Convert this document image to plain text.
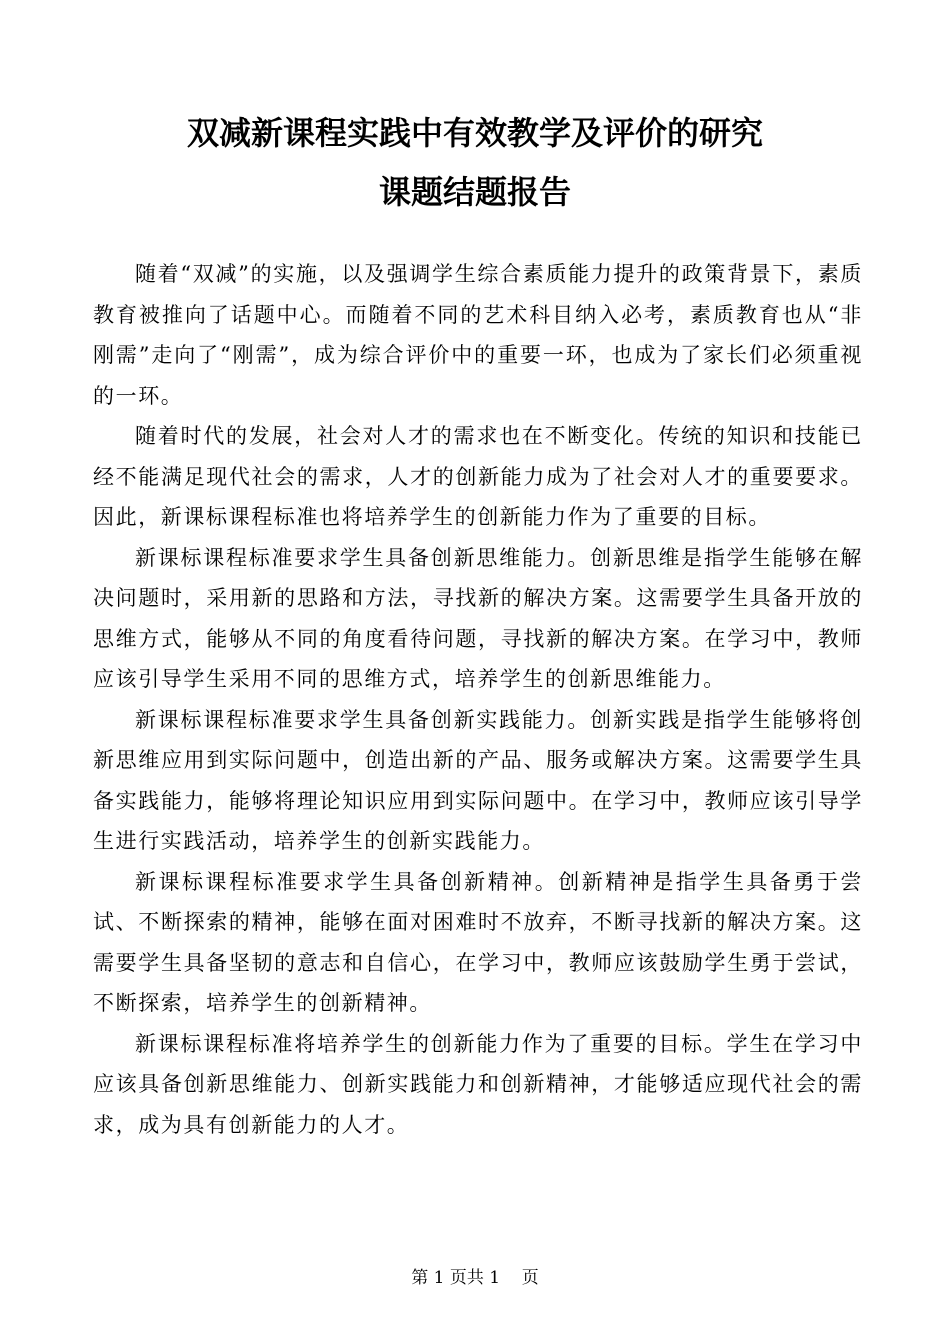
双减新课程实践中有效教学及评价的研究
课题结题报告

随着“双减”的实施，以及强调学生综合素质能力提升的政策背景下，素质教育被推向了话题中心。而随着不同的艺术科目纳入必考，素质教育也从“非刚需”走向了“刚需”，成为综合评价中的重要一环，也成为了家长们必须重视的一环。

随着时代的发展，社会对人才的需求也在不断变化。传统的知识和技能已经不能满足现代社会的需求，人才的创新能力成为了社会对人才的重要要求。因此，新课标课程标准也将培养学生的创新能力作为了重要的目标。

新课标课程标准要求学生具备创新思维能力。创新思维是指学生能够在解决问题时，采用新的思路和方法，寻找新的解决方案。这需要学生具备开放的思维方式，能够从不同的角度看待问题，寻找新的解决方案。在学习中，教师应该引导学生采用不同的思维方式，培养学生的创新思维能力。

新课标课程标准要求学生具备创新实践能力。创新实践是指学生能够将创新思维应用到实际问题中，创造出新的产品、服务或解决方案。这需要学生具备实践能力，能够将理论知识应用到实际问题中。在学习中，教师应该引导学生进行实践活动，培养学生的创新实践能力。

新课标课程标准要求学生具备创新精神。创新精神是指学生具备勇于尝试、不断探索的精神，能够在面对困难时不放弃，不断寻找新的解决方案。这需要学生具备坚韧的意志和自信心，在学习中，教师应该鼓励学生勇于尝试，不断探索，培养学生的创新精神。

新课标课程标准将培养学生的创新能力作为了重要的目标。学生在学习中应该具备创新思维能力、创新实践能力和创新精神，才能够适应现代社会的需求，成为具有创新能力的人才。

第 1 页共 1    页
